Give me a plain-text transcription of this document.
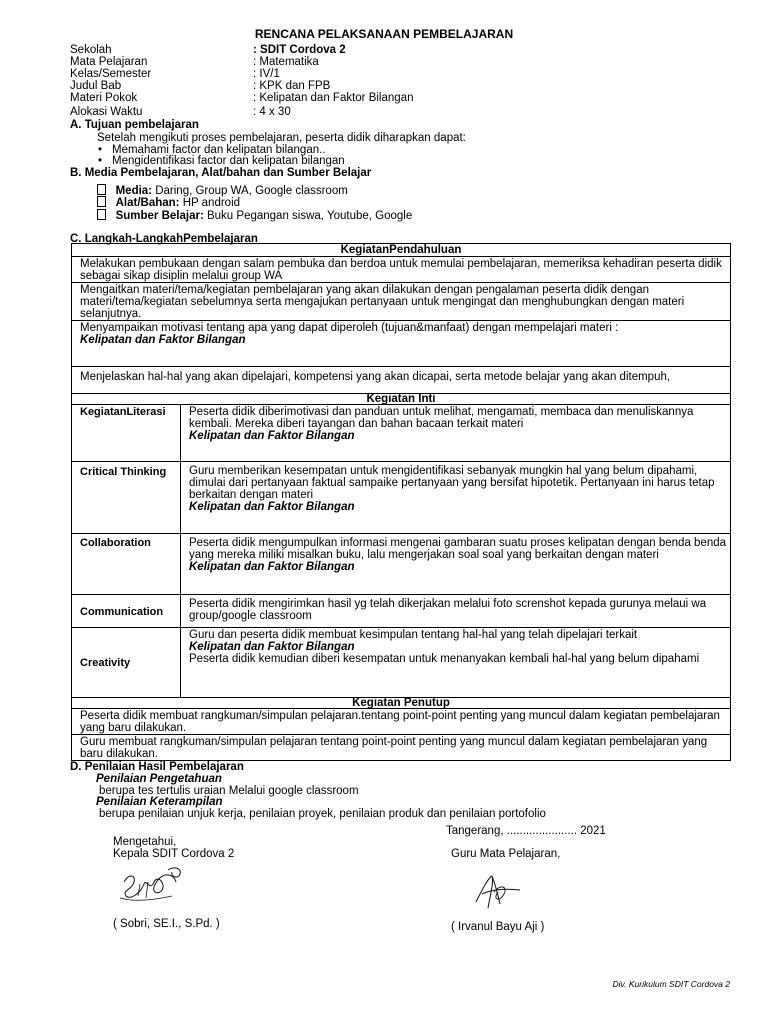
RENCANA PELAKSANAAN PEMBELAJARAN
Sekolah	: SDIT Cordova 2
Mata Pelajaran	: Matematika
Kelas/Semester	: IV/1
Judul Bab	: KPK dan FPB
Materi Pokok	: Kelipatan dan Faktor Bilangan
Alokasi Waktu	: 4 x 30
A. Tujuan pembelajaran
Setelah mengikuti proses pembelajaran, peserta didik diharapkan dapat:
• Memahami factor dan kelipatan bilangan..
• Mengidentifikasi factor dan kelipatan bilangan
B. Media Pembelajaran, Alat/bahan dan Sumber Belajar
Media: Daring, Group WA, Google classroom
Alat/Bahan: HP android
Sumber Belajar: Buku Pegangan siswa, Youtube, Google
C. Langkah-LangkahPembelajaran
KegiatanPendahuluan	
Melakukan pembukaan dengan salam pembuka dan berdoa untuk memulai pembelajaran, memeriksa kehadiran peserta didik sebagai sikap disiplin melalui group WA	
Mengaitkan materi/tema/kegiatan pembelajaran yang akan dilakukan dengan pengalaman peserta didik dengan materi/tema/kegiatan sebelumnya serta mengajukan pertanyaan untuk mengingat dan menghubungkan dengan materi selanjutnya.	
Menyampaikan motivasi tentang apa yang dapat diperoleh (tujuan&manfaat) dengan mempelajari materi :
Kelipatan dan Faktor Bilangan	
Menjelaskan hal-hal yang akan dipelajari, kompetensi yang akan dicapai, serta metode belajar yang akan ditempuh,	
Kegiatan Inti	
KegiatanLiterasi	Peserta didik diberimotivasi dan panduan untuk melihat, mengamati, membaca dan menuliskannya kembali. Mereka diberi tayangan dan bahan bacaan terkait materi
Kelipatan dan Faktor Bilangan
Critical Thinking	Guru memberikan kesempatan untuk mengidentifikasi sebanyak mungkin hal yang belum dipahami, dimulai dari pertanyaan faktual sampaike pertanyaan yang bersifat hipotetik. Pertanyaan ini harus tetap berkaitan dengan materi
Kelipatan dan Faktor Bilangan
Collaboration	Peserta didik mengumpulkan informasi mengenai gambaran suatu proses kelipatan dengan benda benda yang mereka miliki misalkan buku, lalu mengerjakan soal soal yang berkaitan dengan materi
Kelipatan dan Faktor Bilangan
Communication	Peserta didik mengirimkan hasil yg telah dikerjakan melalui foto screnshot kepada gurunya melaui wa group/google classroom
Creativity	Guru dan peserta didik membuat kesimpulan tentang hal-hal yang telah dipelajari terkait
Kelipatan dan Faktor Bilangan
Peserta didik kemudian diberi kesempatan untuk menanyakan kembali hal-hal yang belum dipahami
Kegiatan Penutup	
Peserta didik membuat rangkuman/simpulan pelajaran.tentang point-point penting yang muncul dalam kegiatan pembelajaran yang baru dilakukan.	
Guru membuat rangkuman/simpulan pelajaran tentang point-point penting yang muncul dalam kegiatan pembelajaran yang baru dilakukan.	
D. Penilaian Hasil Pembelajaran
Penilaian Pengetahuan
berupa tes tertulis uraian Melalui google classroom
Penilaian Keterampilan
berupa penilaian unjuk kerja, penilaian proyek, penilaian produk dan penilaian portofolio
Tangerang, ...................... 2021
Mengetahui,
Kepala SDIT Cordova 2	Guru Mata Pelajaran,
( Sobri, SE.I., S.Pd. )	( Irvanul Bayu Aji )
Div. Kurikulum SDIT Cordova 2
